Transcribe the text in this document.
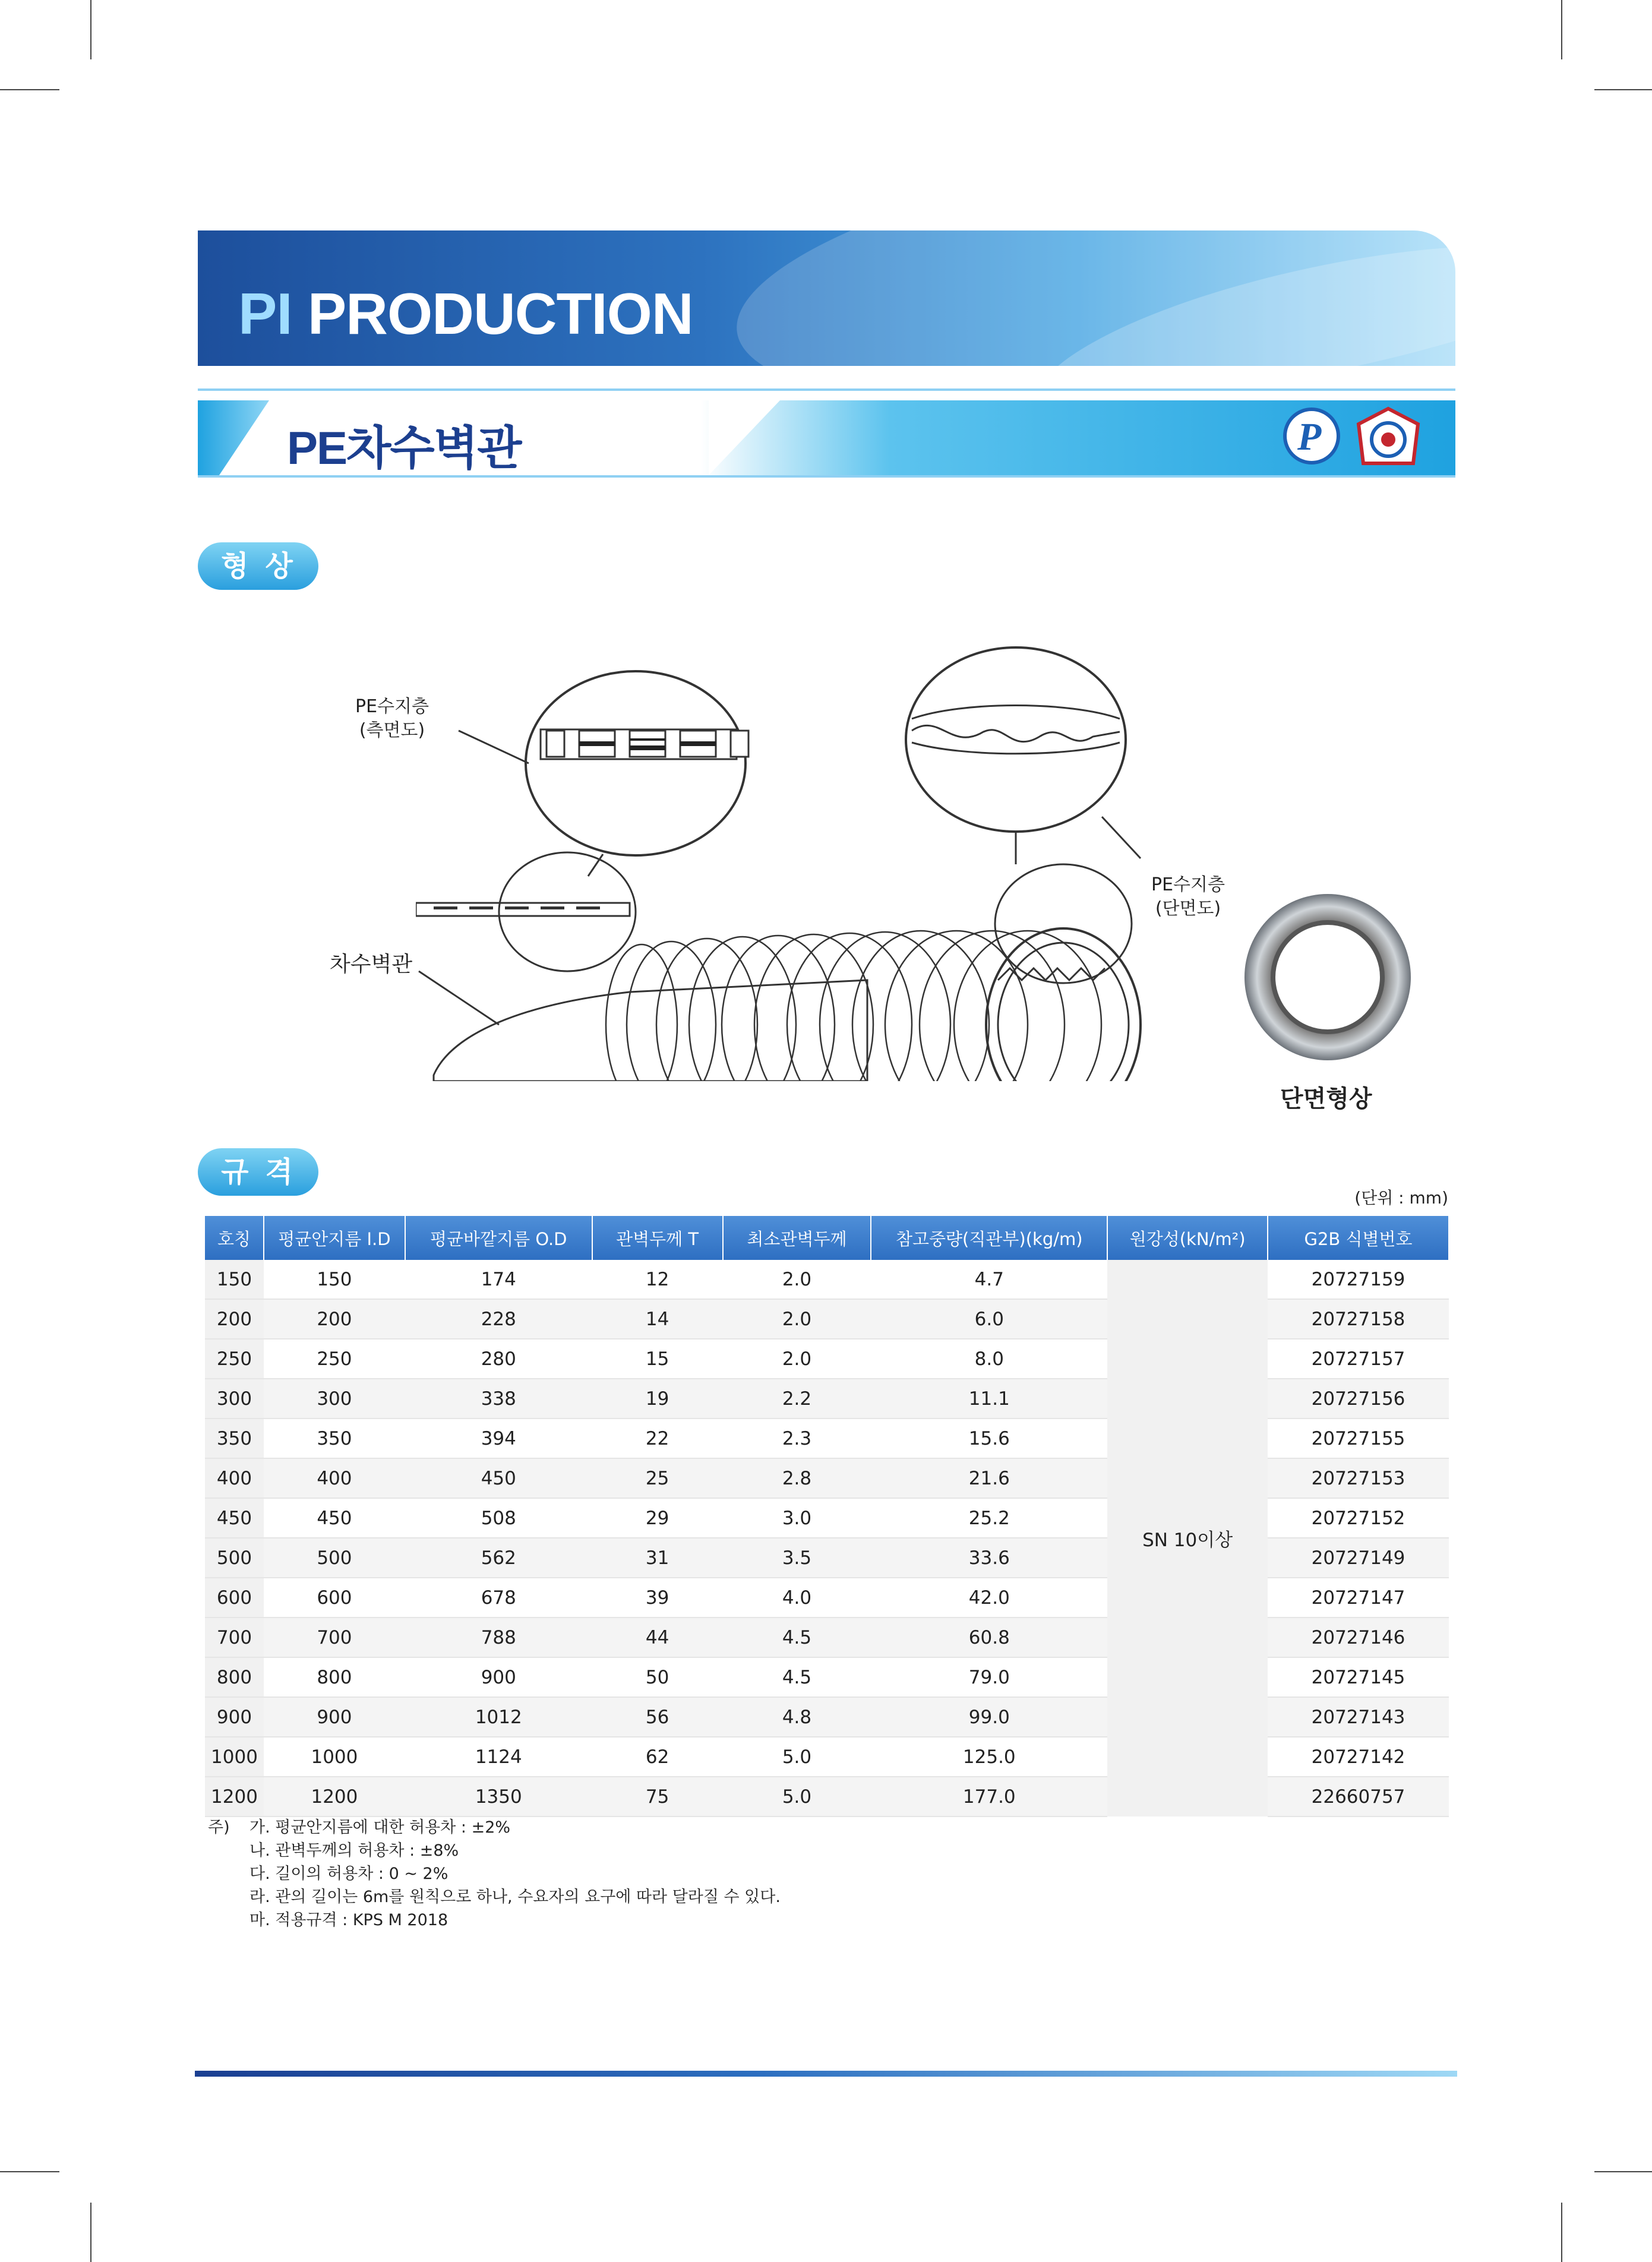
PI PRODUCTION
PE차수벽관	P
형상
PE수지층
(측면도)
PE수지층
(단면도)
차수벽관
단면형상
규격
(단위 : mm)
호칭	평균안지름 I.D	평균바깥지름 O.D	관벽두께 T	최소관벽두께	참고중량(직관부)(kg/m)	원강성(kN/m²)	G2B 식별번호
150	150	174	12	2.0	4.7	SN 10이상	20727159
200	200	228	14	2.0	6.0		20727158
250	250	280	15	2.0	8.0		20727157
300	300	338	19	2.2	11.1		20727156
350	350	394	22	2.3	15.6		20727155
400	400	450	25	2.8	21.6		20727153
450	450	508	29	3.0	25.2		20727152
500	500	562	31	3.5	33.6		20727149
600	600	678	39	4.0	42.0		20727147
700	700	788	44	4.5	60.8		20727146
800	800	900	50	4.5	79.0		20727145
900	900	1012	56	4.8	99.0		20727143
1000	1000	1124	62	5.0	125.0		20727142
1200	1200	1350	75	5.0	177.0		22660757
주) 가. 평균안지름에 대한 허용차 : ±2%
나. 관벽두께의 허용차 : ±8%
다. 길이의 허용차 : 0 ~ 2%
라. 관의 길이는 6m를 원칙으로 하나, 수요자의 요구에 따라 달라질 수 있다.
마. 적용규격 : KPS M 2018
